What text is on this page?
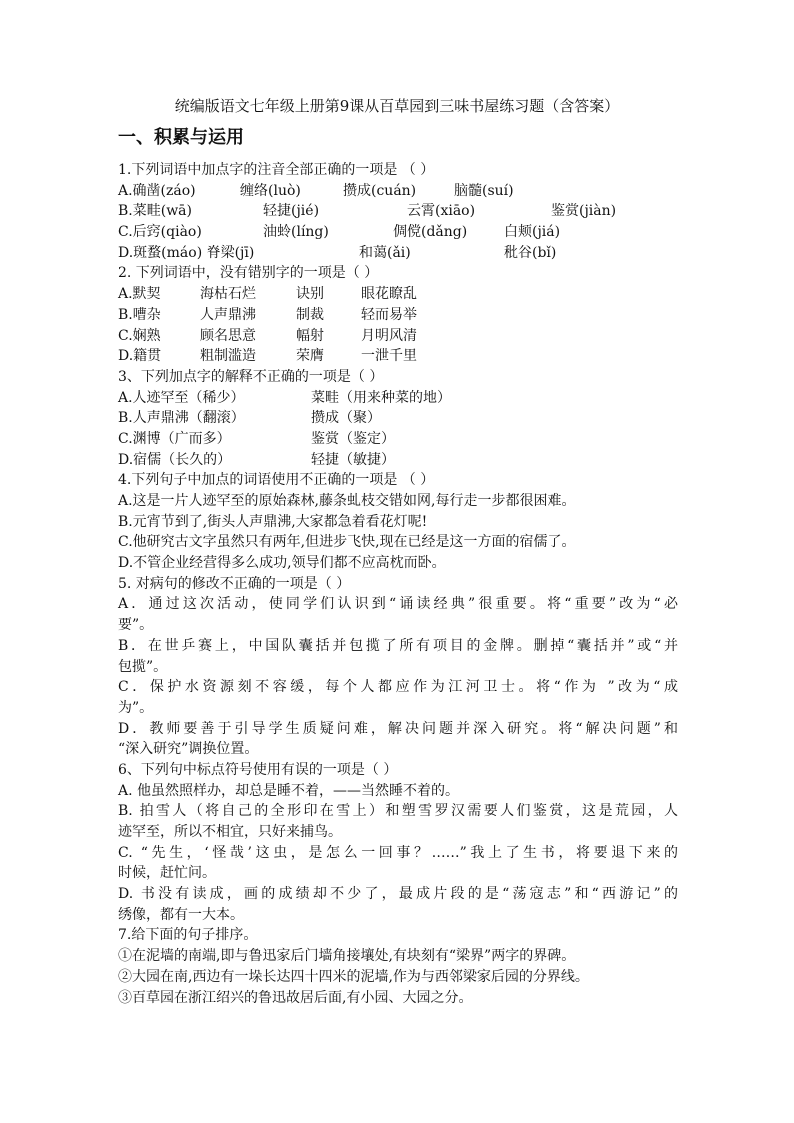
统编版语文七年级上册第9课从百草园到三味书屋练习题（含答案）
一、积累与运用
1.下列词语中加点字的注音全部正确的一项是 （ ）
A.确凿(záo)	缠络(luò)	攒成(cuán)	脑髓(suí)
B.菜畦(wā)	轻捷(jié)	云霄(xiāo)	鉴赏(jiàn)
C.后窍(qiào)	油蛉(líng)	倜傥(dǎng)	白颊(jiá)
D.斑蝥(máo) 脊梁(jī)	和蔼(ǎi)	秕谷(bǐ)
2. 下列词语中，没有错别字的一项是（ ）
A.默契	海枯石烂	诀别	眼花瞭乱
B.嘈杂	人声鼎沸	制裁	轻而易举
C.娴熟	顾名思意	幅射	月明风清
D.籍贯	粗制滥造	荣膺	一泄千里
3、下列加点字的解释不正确的一项是（ ）
A.人迹罕至（稀少）	菜畦（用来种菜的地）
B.人声鼎沸（翻滚）	攒成（聚）
C.渊博（广而多）	鉴赏（鉴定）
D.宿儒（长久的）	轻捷（敏捷）
4.下列句子中加点的词语使用不正确的一项是 （ ）
A.这是一片人迹罕至的原始森林,藤条虬枝交错如网,每行走一步都很困难。
B.元宵节到了,街头人声鼎沸,大家都急着看花灯呢!
C.他研究古文字虽然只有两年,但进步飞快,现在已经是这一方面的宿儒了。
D.不管企业经营得多么成功,领导们都不应高枕而卧。
5. 对病句的修改不正确的一项是（ ）
A．通过这次活动，使同学们认识到“诵读经典”很重要。将“重要”改为“必
要”。
B．在世乒赛上，中国队囊括并包揽了所有项目的金牌。删掉“囊括并”或“并
包揽”。
C．保护水资源刻不容缓，每个人都应作为江河卫士。将“作为 ”改为“成
为”。
D．教师要善于引导学生质疑问难，解决问题并深入研究。将“解决问题”和
“深入研究”调换位置。
6、下列句中标点符号使用有误的一项是（ ）
A. 他虽然照样办，却总是睡不着，——当然睡不着的。
B. 拍雪人（将自己的全形印在雪上）和塑雪罗汉需要人们鉴赏，这是荒园，人
迹罕至，所以不相宜，只好来捕鸟。
C. “先生，‘怪哉’这虫，是怎么一回事？……”我上了生书，将要退下来的
时候，赶忙问。
D. 书没有读成，画的成绩却不少了，最成片段的是“荡寇志”和“西游记”的
绣像，都有一大本。
7.给下面的句子排序。
①在泥墙的南端,即与鲁迅家后门墙角接壤处,有块刻有“梁界”两字的界碑。
②大园在南,西边有一垛长达四十四米的泥墙,作为与西邻梁家后园的分界线。
③百草园在浙江绍兴的鲁迅故居后面,有小园、大园之分。
